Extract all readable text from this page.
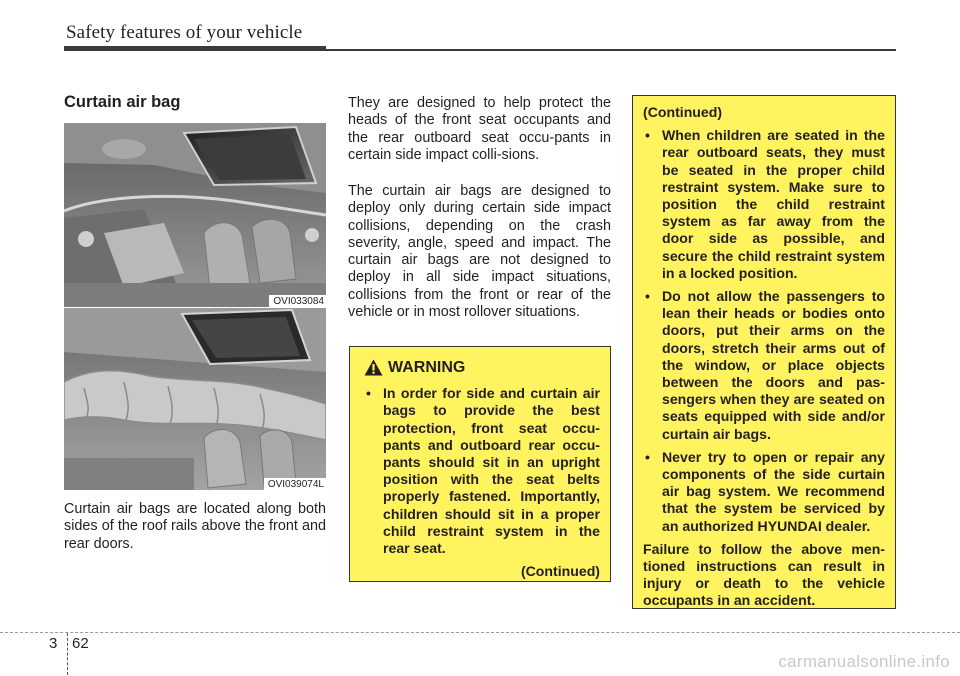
Safety features of your vehicle
Curtain air bag
OVI033084
OVI039074L

Curtain air bags are located along both sides of the roof rails above the front and rear doors.

They are designed to help protect the heads of the front seat occupants and the rear outboard seat occu-pants in certain side impact colli-sions.

The curtain air bags are designed to deploy only during certain side impact collisions, depending on the crash severity, angle, speed and impact. The curtain air bags are not designed to deploy in all side impact situations, collisions from the front or rear of the vehicle or in most rollover situations.

WARNING
• In order for side and curtain air bags to provide the best protection, front seat occu-pants and outboard rear occu-pants should sit in an upright position with the seat belts properly fastened. Importantly, children should sit in a proper child restraint system in the rear seat.
(Continued)
(Continued)
• When children are seated in the rear outboard seats, they must be seated in the proper child restraint system. Make sure to position the child restraint system as far away from the door side as possible, and secure the child restraint system in a locked position.
• Do not allow the passengers to lean their heads or bodies onto doors, put their arms on the doors, stretch their arms out of the window, or place objects between the doors and pas-sengers when they are seated on seats equipped with side and/or curtain air bags.
• Never try to open or repair any components of the side curtain air bag system. We recommend that the system be serviced by an authorized HYUNDAI dealer.

Failure to follow the above men-tioned instructions can result in injury or death to the vehicle occupants in an accident.

3 62
carmanualsonline.info
